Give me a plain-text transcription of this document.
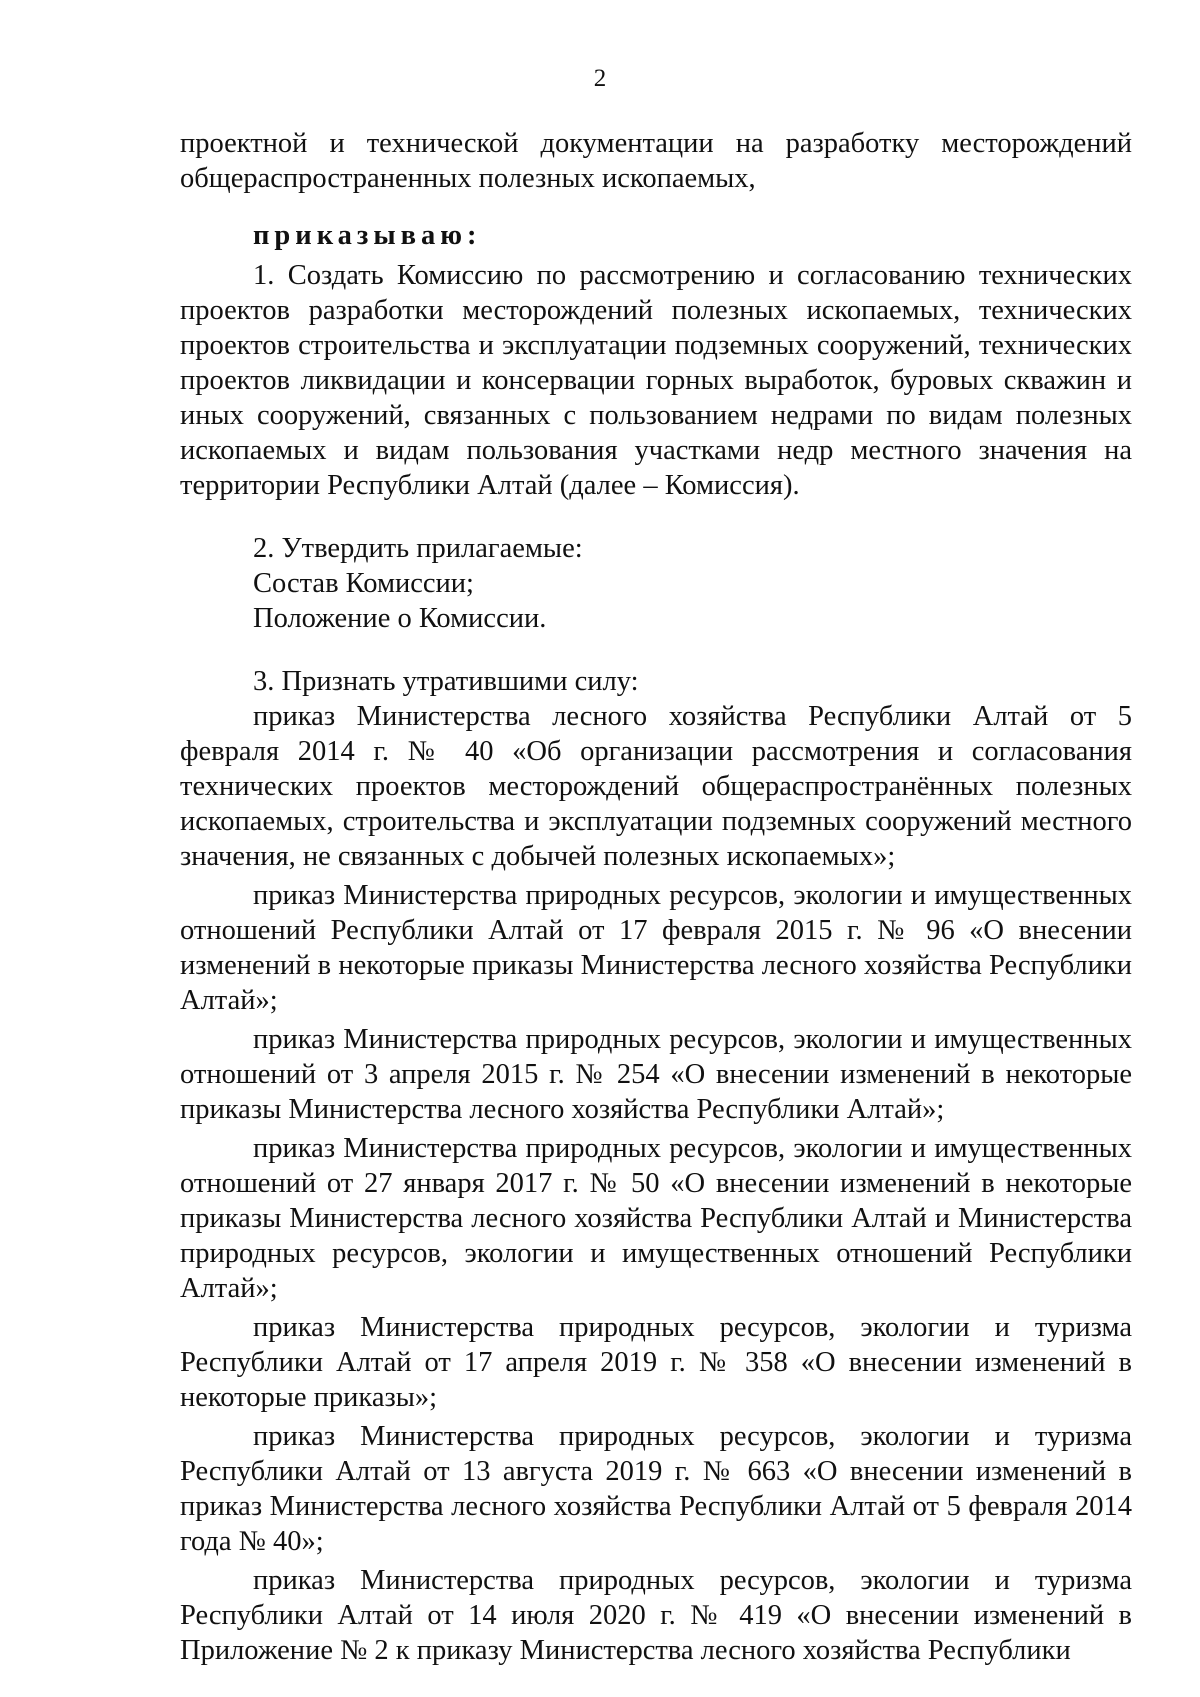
2

проектной и технической документации на разработку месторождений общераспространенных полезных ископаемых,

приказываю:

1. Создать Комиссию по рассмотрению и согласованию технических проектов разработки месторождений полезных ископаемых, технических проектов строительства и эксплуатации подземных сооружений, технических проектов ликвидации и консервации горных выработок, буровых скважин и иных сооружений, связанных с пользованием недрами по видам полезных ископаемых и видам пользования участками недр местного значения на территории Республики Алтай (далее – Комиссия).

2. Утвердить прилагаемые:

Состав Комиссии;

Положение о Комиссии.

3. Признать утратившими силу:

приказ Министерства лесного хозяйства Республики Алтай от 5 февраля 2014 г. № 40 «Об организации рассмотрения и согласования технических проектов месторождений общераспространённых полезных ископаемых, строительства и эксплуатации подземных сооружений местного значения, не связанных с добычей полезных ископаемых»;

приказ Министерства природных ресурсов, экологии и имущественных отношений Республики Алтай от 17 февраля 2015 г. № 96 «О внесении изменений в некоторые приказы Министерства лесного хозяйства Республики Алтай»;

приказ Министерства природных ресурсов, экологии и имущественных отношений от 3 апреля 2015 г. № 254 «О внесении изменений в некоторые приказы Министерства лесного хозяйства Республики Алтай»;

приказ Министерства природных ресурсов, экологии и имущественных отношений от 27 января 2017 г. № 50 «О внесении изменений в некоторые приказы Министерства лесного хозяйства Республики Алтай и Министерства природных ресурсов, экологии и имущественных отношений Республики Алтай»;

приказ Министерства природных ресурсов, экологии и туризма Республики Алтай от 17 апреля 2019 г. № 358 «О внесении изменений в некоторые приказы»;

приказ Министерства природных ресурсов, экологии и туризма Республики Алтай от 13 августа 2019 г. № 663 «О внесении изменений в приказ Министерства лесного хозяйства Республики Алтай от 5 февраля 2014 года № 40»;

приказ Министерства природных ресурсов, экологии и туризма Республики Алтай от 14 июля 2020 г. № 419 «О внесении изменений в Приложение № 2 к приказу Министерства лесного хозяйства Республики
